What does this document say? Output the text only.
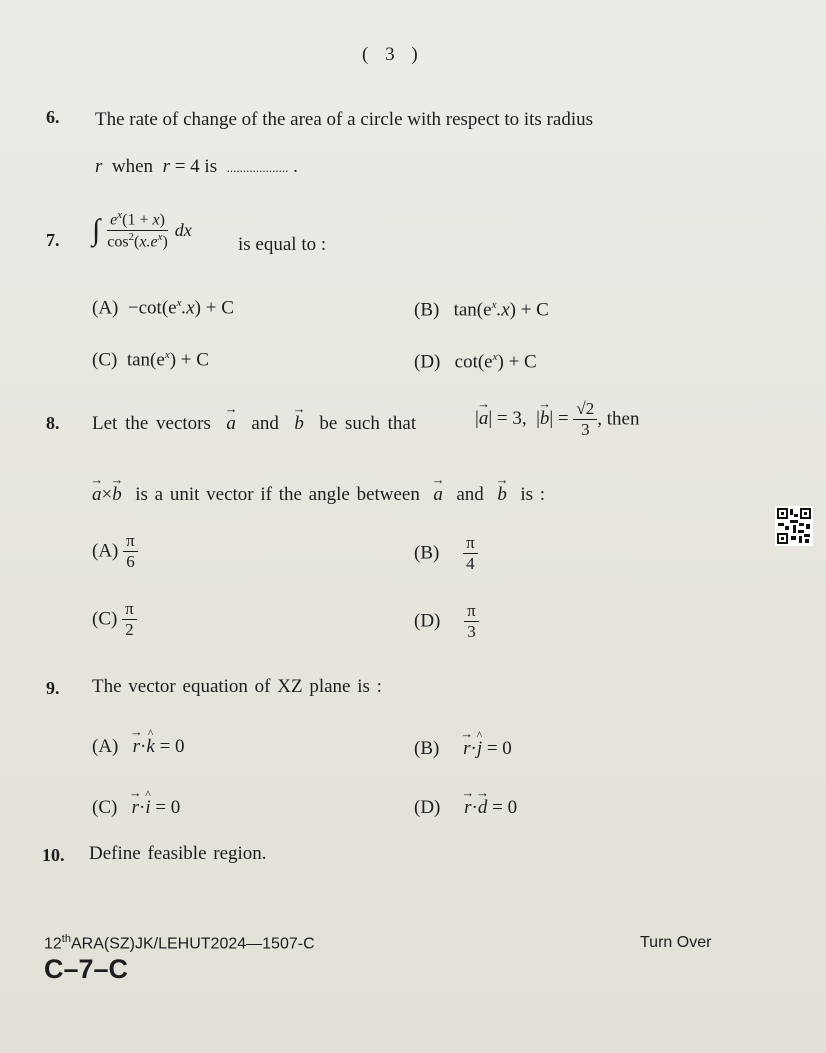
( 3 )
6. The rate of change of the area of a circle with respect to its radius
r when r = 4 is ................... .
7. ∫ $\frac{e^x(1 + x)}{\cos^2(x.e^x)}$ dx
is equal to :
$(A) -\cot(e^x.x) + C$	(B) $\tan(e^x.x) + C$
(C) $\tan(e^x) + C$	(D) $\cot(e^x) + C$
8. Let the vectors → a and → b be such that	|→ a| = 3,  |→ $b| = \frac{√2}{3}$ , then
→ a×→ b is a unit vector if the angle between → a and → b is :
$(A) \frac{\pi}{6}$	$(B) \frac{\pi}{4}$
$(C) \frac{\pi}{2}$	$(D) \frac{\pi}{3}$
9. The vector equation of XZ plane is :
(A) → r·^ k = 0	(B) → r·^ j = 0
(C) → r·^ i = 0	(D) → r·→ d = 0
10. Define feasible region.
12thARA(SZ)JK/LEHUT2024—1507-C
C–7–C
Turn Over
